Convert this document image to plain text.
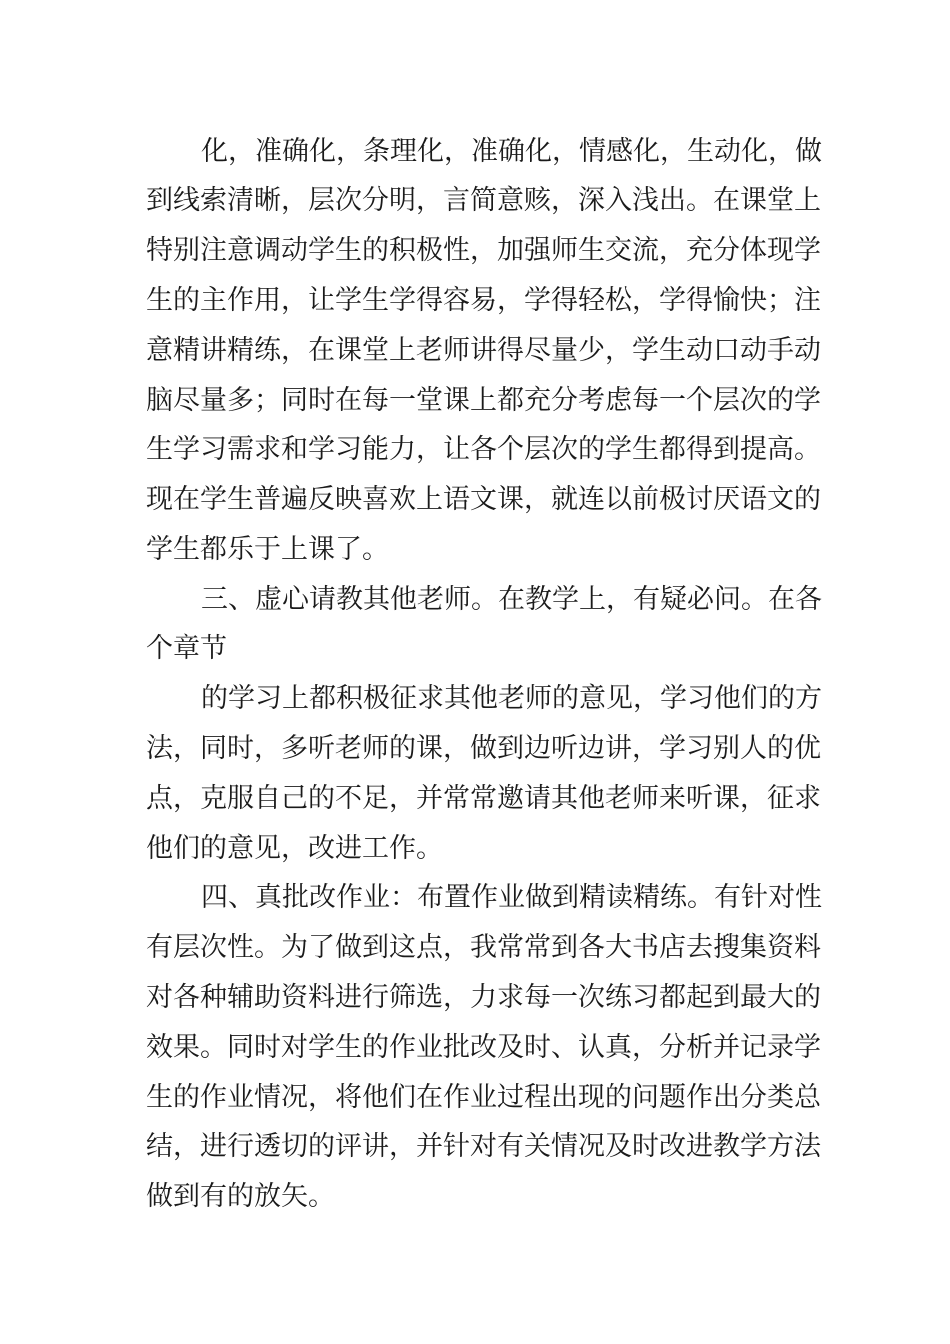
化，准确化，条理化，准确化，情感化，生动化，做
到线索清晰，层次分明，言简意赅，深入浅出。在课堂上
特别注意调动学生的积极性，加强师生交流，充分体现学
生的主作用，让学生学得容易，学得轻松，学得愉快；注
意精讲精练，在课堂上老师讲得尽量少，学生动口动手动
脑尽量多；同时在每一堂课上都充分考虑每一个层次的学
生学习需求和学习能力，让各个层次的学生都得到提高。
现在学生普遍反映喜欢上语文课，就连以前极讨厌语文的
学生都乐于上课了。
三、虚心请教其他老师。在教学上，有疑必问。在各
个章节
的学习上都积极征求其他老师的意见，学习他们的方
法，同时，多听老师的课，做到边听边讲，学习别人的优
点，克服自己的不足，并常常邀请其他老师来听课，征求
他们的意见，改进工作。
四、真批改作业：布置作业做到精读精练。有针对性
有层次性。为了做到这点，我常常到各大书店去搜集资料
对各种辅助资料进行筛选，力求每一次练习都起到最大的
效果。同时对学生的作业批改及时、认真，分析并记录学
生的作业情况，将他们在作业过程出现的问题作出分类总
结，进行透切的评讲，并针对有关情况及时改进教学方法
做到有的放矢。
